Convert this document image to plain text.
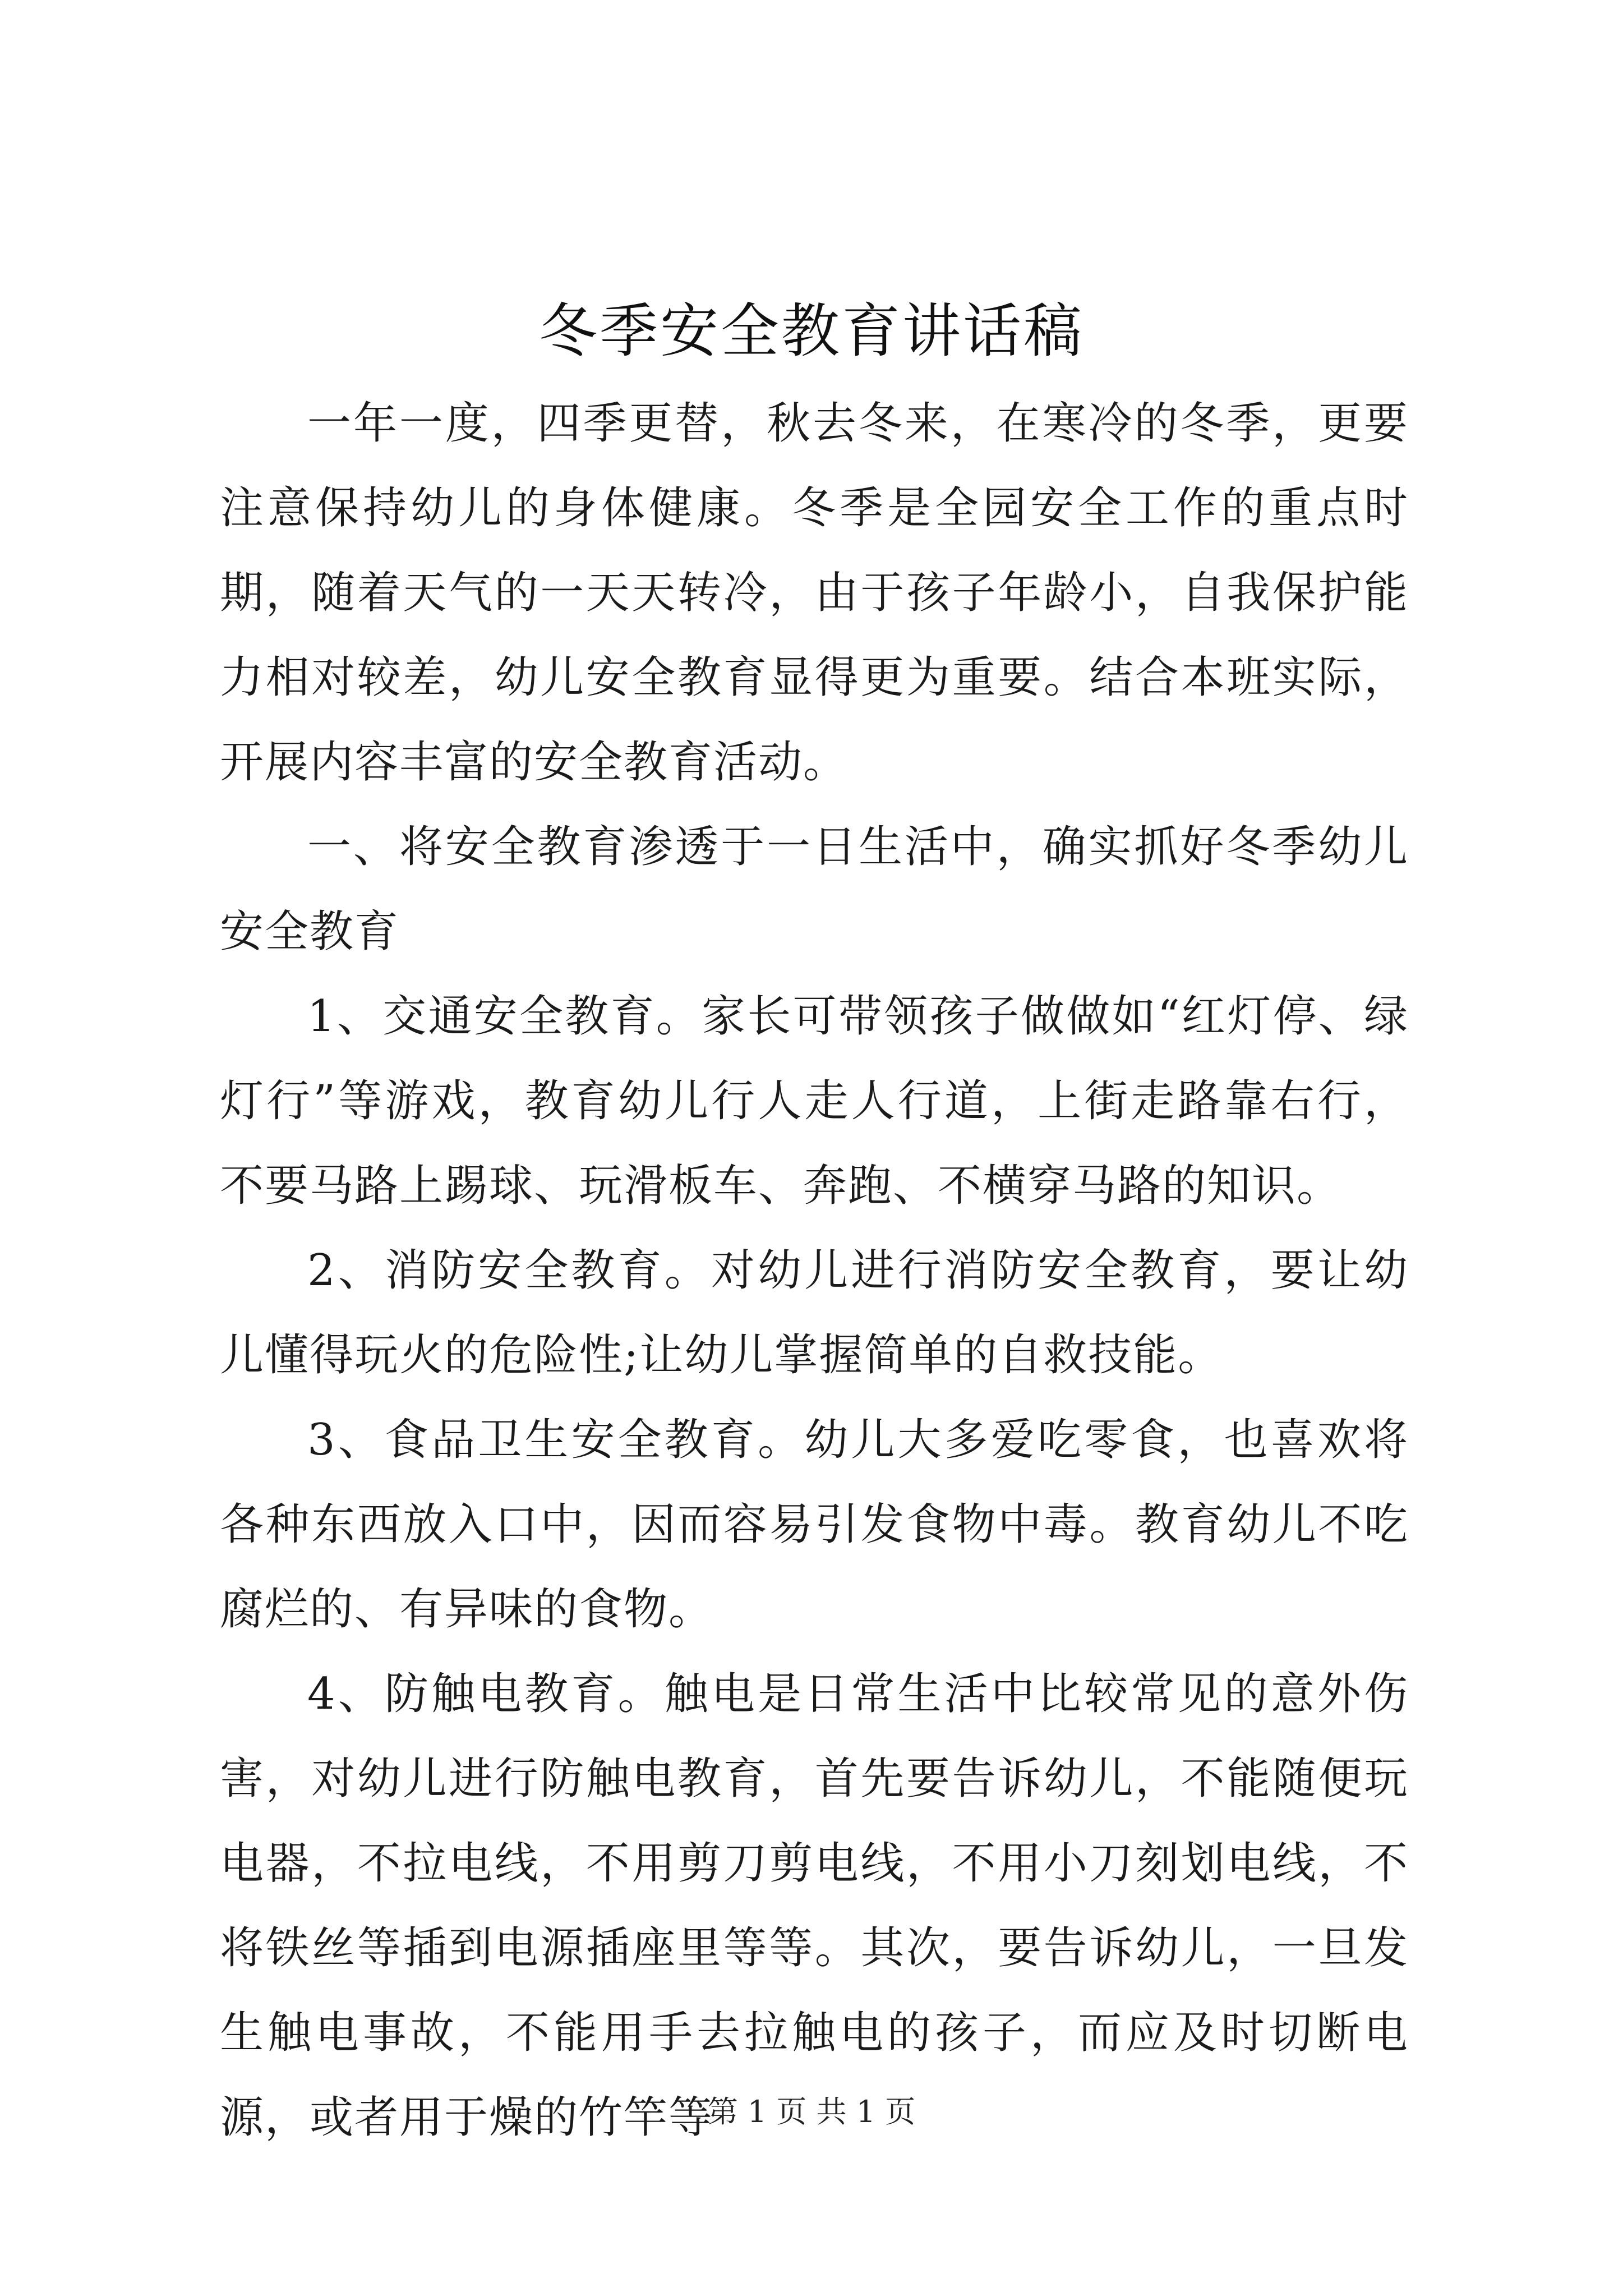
冬季安全教育讲话稿

一年一度，四季更替，秋去冬来，在寒冷的冬季，更要注意保持幼儿的身体健康。冬季是全园安全工作的重点时期，随着天气的一天天转冷，由于孩子年龄小，自我保护能力相对较差，幼儿安全教育显得更为重要。结合本班实际，开展内容丰富的安全教育活动。

一、将安全教育渗透于一日生活中，确实抓好冬季幼儿安全教育

1、交通安全教育。家长可带领孩子做做如“红灯停、绿灯行”等游戏，教育幼儿行人走人行道，上街走路靠右行，不要马路上踢球、玩滑板车、奔跑、不横穿马路的知识。

2、消防安全教育。对幼儿进行消防安全教育，要让幼儿懂得玩火的危险性;让幼儿掌握简单的自救技能。

3、食品卫生安全教育。幼儿大多爱吃零食，也喜欢将各种东西放入口中，因而容易引发食物中毒。教育幼儿不吃腐烂的、有异味的食物。

4、防触电教育。触电是日常生活中比较常见的意外伤害，对幼儿进行防触电教育，首先要告诉幼儿，不能随便玩电器，不拉电线，不用剪刀剪电线，不用小刀刻划电线，不将铁丝等插到电源插座里等等。其次，要告诉幼儿，一旦发生触电事故，不能用手去拉触电的孩子，而应及时切断电源，或者用于燥的竹竿等

第 1 页 共 1 页
